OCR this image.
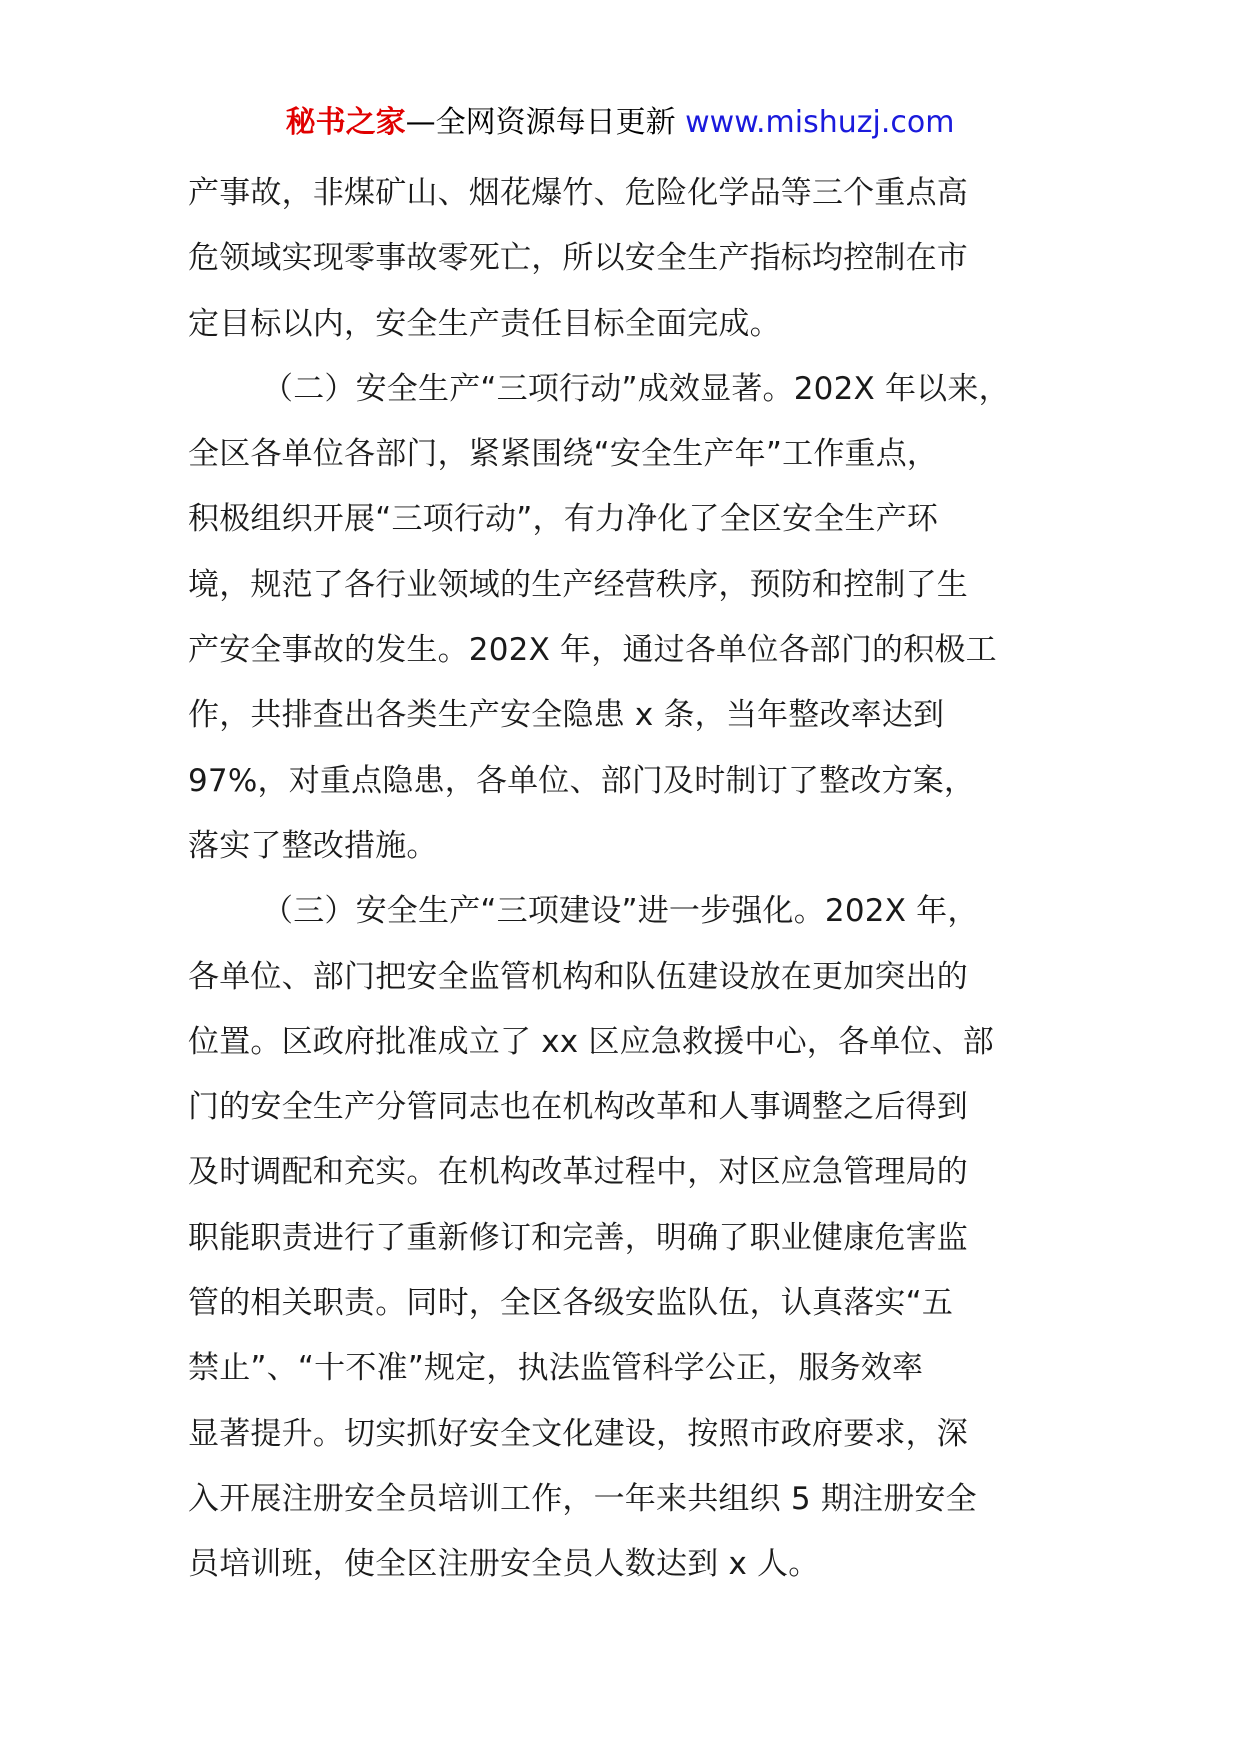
秘书之家—全网资源每日更新 www.mishuzj.com
产事故，非煤矿山、烟花爆竹、危险化学品等三个重点高
危领域实现零事故零死亡，所以安全生产指标均控制在市
定目标以内，安全生产责任目标全面完成。
（二）安全生产“三项行动”成效显著。202X 年以来，
全区各单位各部门，紧紧围绕“安全生产年”工作重点，
积极组织开展“三项行动”，有力净化了全区安全生产环
境，规范了各行业领域的生产经营秩序，预防和控制了生
产安全事故的发生。202X 年，通过各单位各部门的积极工
作，共排查出各类生产安全隐患 x 条，当年整改率达到
97%，对重点隐患，各单位、部门及时制订了整改方案，
落实了整改措施。
（三）安全生产“三项建设”进一步强化。202X 年，
各单位、部门把安全监管机构和队伍建设放在更加突出的
位置。区政府批准成立了 xx 区应急救援中心，各单位、部
门的安全生产分管同志也在机构改革和人事调整之后得到
及时调配和充实。在机构改革过程中，对区应急管理局的
职能职责进行了重新修订和完善，明确了职业健康危害监
管的相关职责。同时，全区各级安监队伍，认真落实“五
禁止”、“十不准”规定，执法监管科学公正，服务效率
显著提升。切实抓好安全文化建设，按照市政府要求，深
入开展注册安全员培训工作，一年来共组织 5 期注册安全
员培训班，使全区注册安全员人数达到 x 人。
